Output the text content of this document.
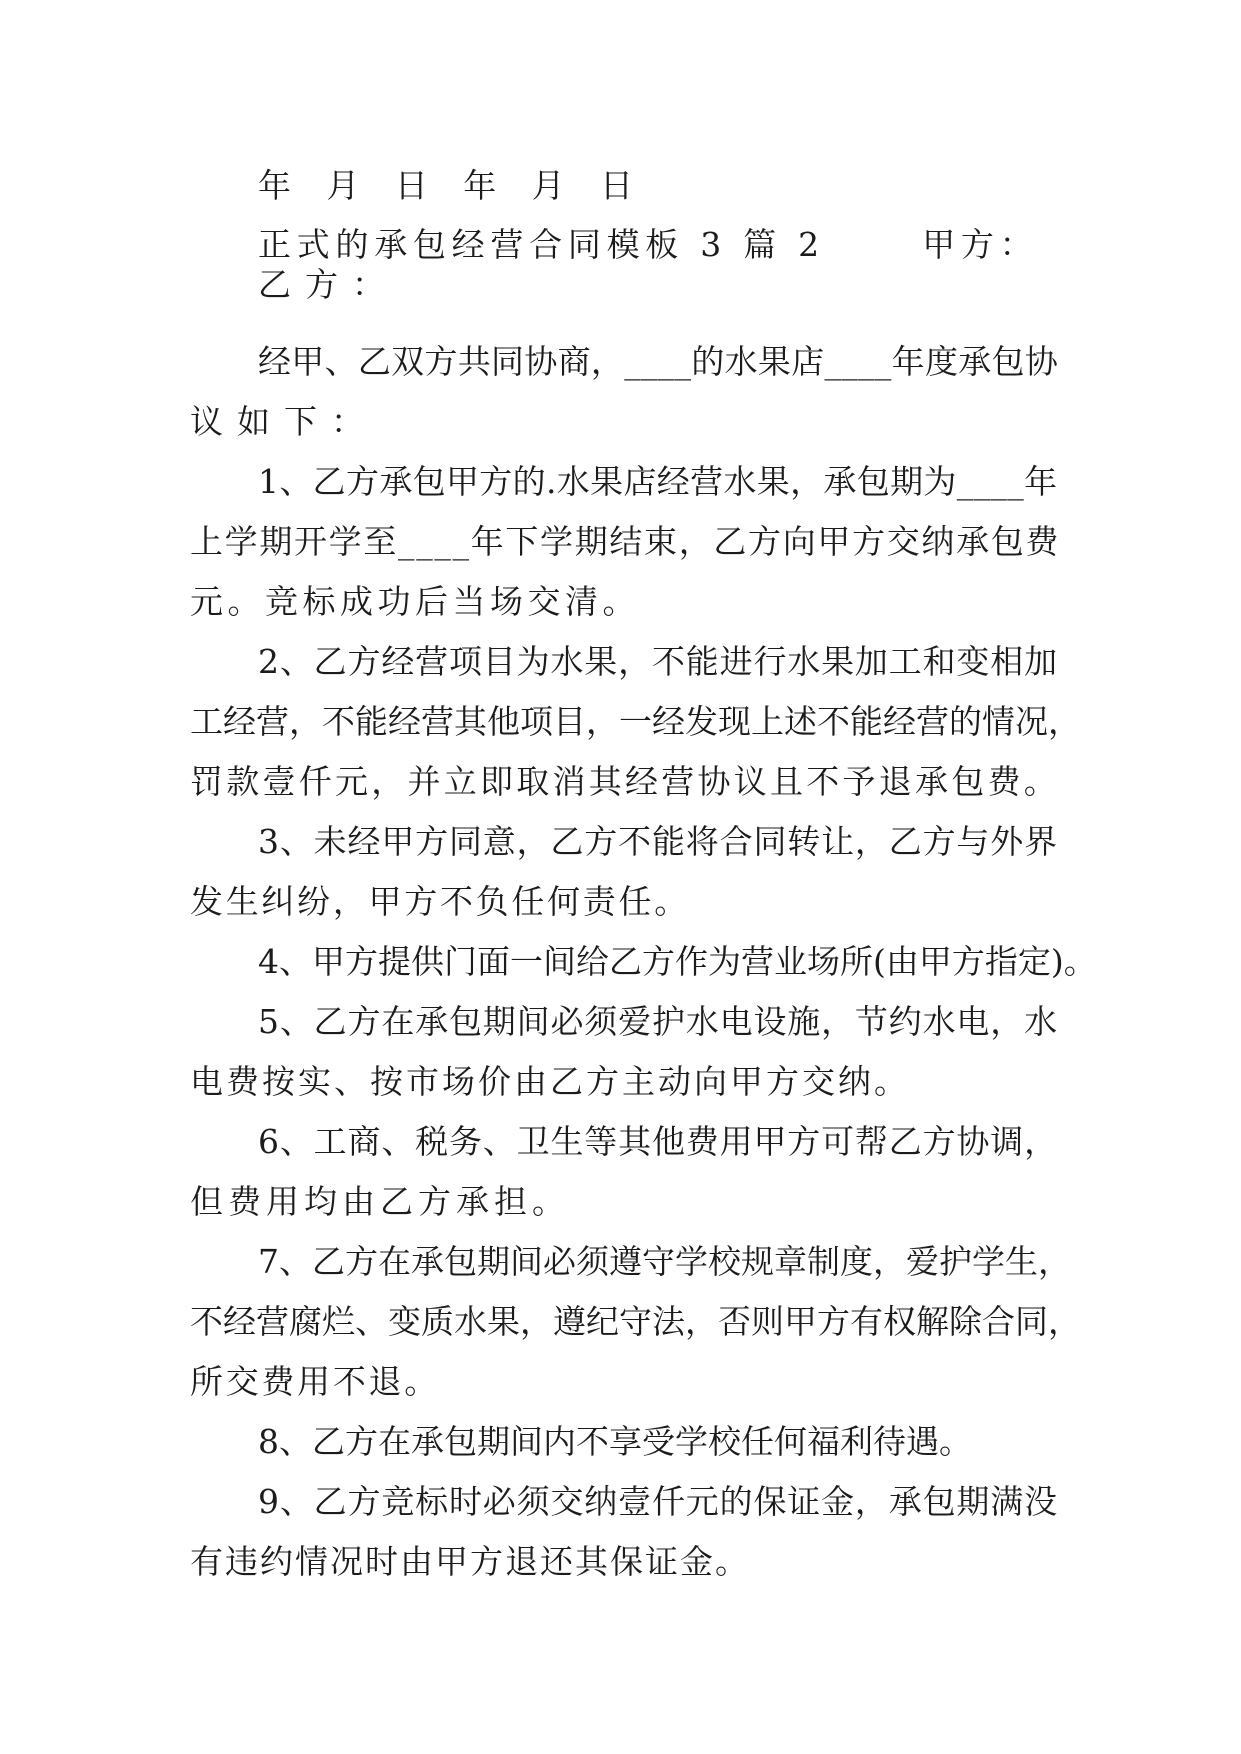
年  月  日  年  月  日
正式的承包经营合同模板 3 篇 2      甲方：
乙方：
经甲、乙双方共同协商，____的水果店____年度承包协
议如下：
1、乙方承包甲方的.水果店经营水果，承包期为____年
上学期开学至____年下学期结束，乙方向甲方交纳承包费
元。竞标成功后当场交清。
2、乙方经营项目为水果，不能进行水果加工和变相加
工经营，不能经营其他项目，一经发现上述不能经营的情况，
罚款壹仟元，并立即取消其经营协议且不予退承包费。
3、未经甲方同意，乙方不能将合同转让，乙方与外界
发生纠纷，甲方不负任何责任。
4、甲方提供门面一间给乙方作为营业场所(由甲方指定)。
5、乙方在承包期间必须爱护水电设施，节约水电，水
电费按实、按市场价由乙方主动向甲方交纳。
6、工商、税务、卫生等其他费用甲方可帮乙方协调，
但费用均由乙方承担。
7、乙方在承包期间必须遵守学校规章制度，爱护学生，
不经营腐烂、变质水果，遵纪守法，否则甲方有权解除合同，
所交费用不退。
8、乙方在承包期间内不享受学校任何福利待遇。
9、乙方竞标时必须交纳壹仟元的保证金，承包期满没
有违约情况时由甲方退还其保证金。
